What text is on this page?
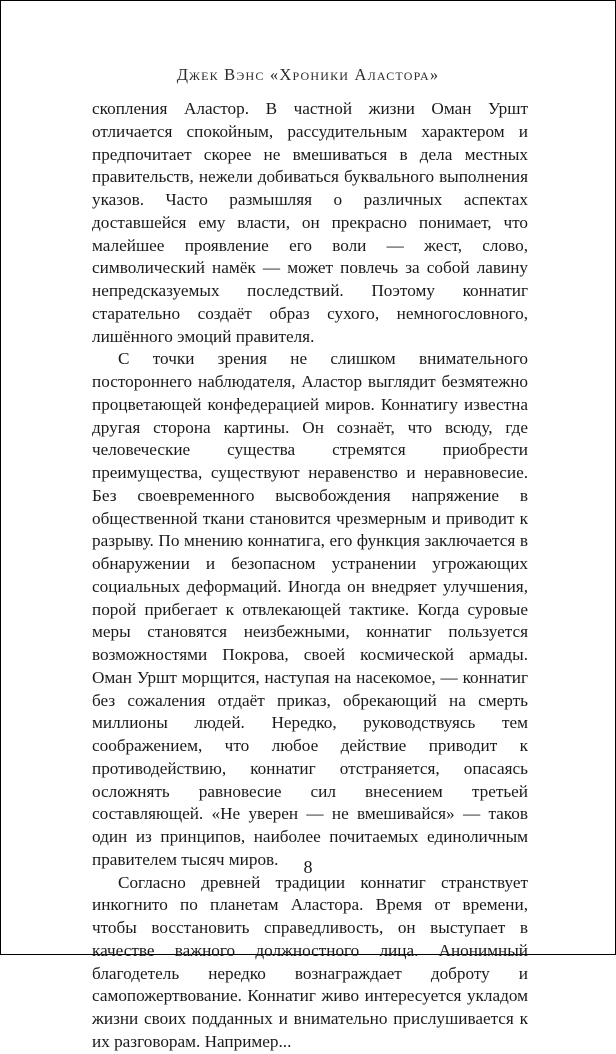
Джек Вэнс «Хроники Аластора»

скопления Аластор. В частной жизни Оман Уршт отличается спокойным, рассудительным характером и предпочитает скорее не вмешиваться в дела местных правительств, нежели добиваться буквального выполнения указов. Часто размышляя о различных аспектах доставшейся ему власти, он прекрасно понимает, что малейшее проявление его воли — жест, слово, символический намёк — может повлечь за собой лавину непредсказуемых последствий. Поэтому коннатиг старательно создаёт образ сухого, немногословного, лишённого эмоций правителя.

С точки зрения не слишком внимательного постороннего наблюдателя, Аластор выглядит безмятежно процветающей конфедерацией миров. Коннатигу известна другая сторона картины. Он сознаёт, что всюду, где человеческие существа стремятся приобрести преимущества, существуют неравенство и неравновесие. Без своевременного высвобождения напряжение в общественной ткани становится чрезмерным и приводит к разрыву. По мнению коннатига, его функция заключается в обнаружении и безопасном устранении угрожающих социальных деформаций. Иногда он внедряет улучшения, порой прибегает к отвлекающей тактике. Когда суровые меры становятся неизбежными, коннатиг пользуется возможностями Покрова, своей космической армады. Оман Уршт морщится, наступая на насекомое, — коннатиг без сожаления отдаёт приказ, обрекающий на смерть миллионы людей. Нередко, руководствуясь тем соображением, что любое действие приводит к противодействию, коннатиг отстраняется, опасаясь осложнять равновесие сил внесением третьей составляющей. «Не уверен — не вмешивайся» — таков один из принципов, наиболее почитаемых единоличным правителем тысяч миров.

Согласно древней традиции коннатиг странствует инкогнито по планетам Аластора. Время от времени, чтобы восстановить справедливость, он выступает в качестве важного должностного лица. Анонимный благодетель нередко вознаграждает доброту и самопожертвование. Коннатиг живо интересуется укладом жизни своих подданных и внимательно прислушивается к их разговорам. Например...

8
